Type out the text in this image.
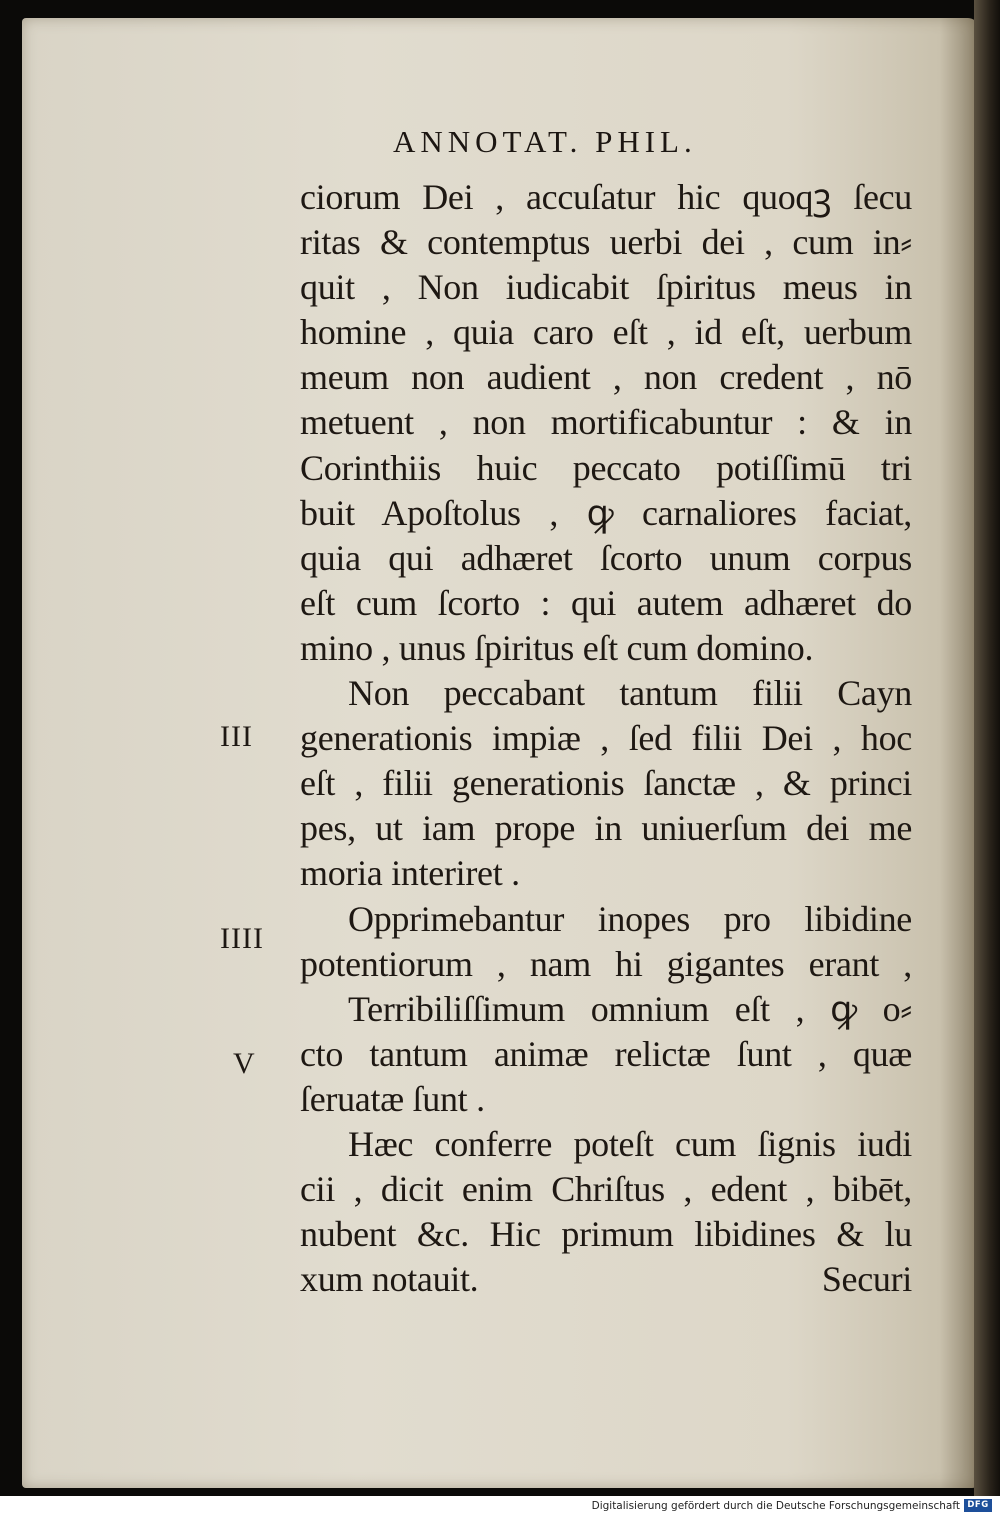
ANNOTAT. PHIL.
ciorum Dei , accuſatur hic quoqꝫ ſecu
ritas & contemptus uerbi dei , cum in⸗
quit , Non iudicabit ſpiritus meus in
homine , quia caro eſt , id eſt, uerbum
meum non audient , non credent , nō
metuent , non mortificabuntur : & in
Corinthiis huic peccato potiſſimū tri
buit Apoſtolus , ꝙ carnaliores faciat,
quia qui adhæret ſcorto unum corpus
eſt cum ſcorto : qui autem adhæret do
mino , unus ſpiritus eſt cum domino.
Non peccabant tantum filii Cayn
generationis impiæ , ſed filii Dei , hoc
eſt , filii generationis ſanctæ , & princi
pes, ut iam prope in uniuerſum dei me
moria interiret .
Opprimebantur inopes pro libidine
potentiorum , nam hi gigantes erant ,
Terribiliſſimum omnium eſt , ꝙ o⸗
cto tantum animæ relictæ ſunt , quæ
ſeruatæ ſunt .
Hæc conferre poteſt cum ſignis iudi
cii , dicit enim Chriſtus , edent , bibēt,
nubent &c. Hic primum libidines & lu
xum notauit.	Securi
III
IIII
V
Digitalisierung gefördert durch die Deutsche Forschungsgemeinschaft DFG
